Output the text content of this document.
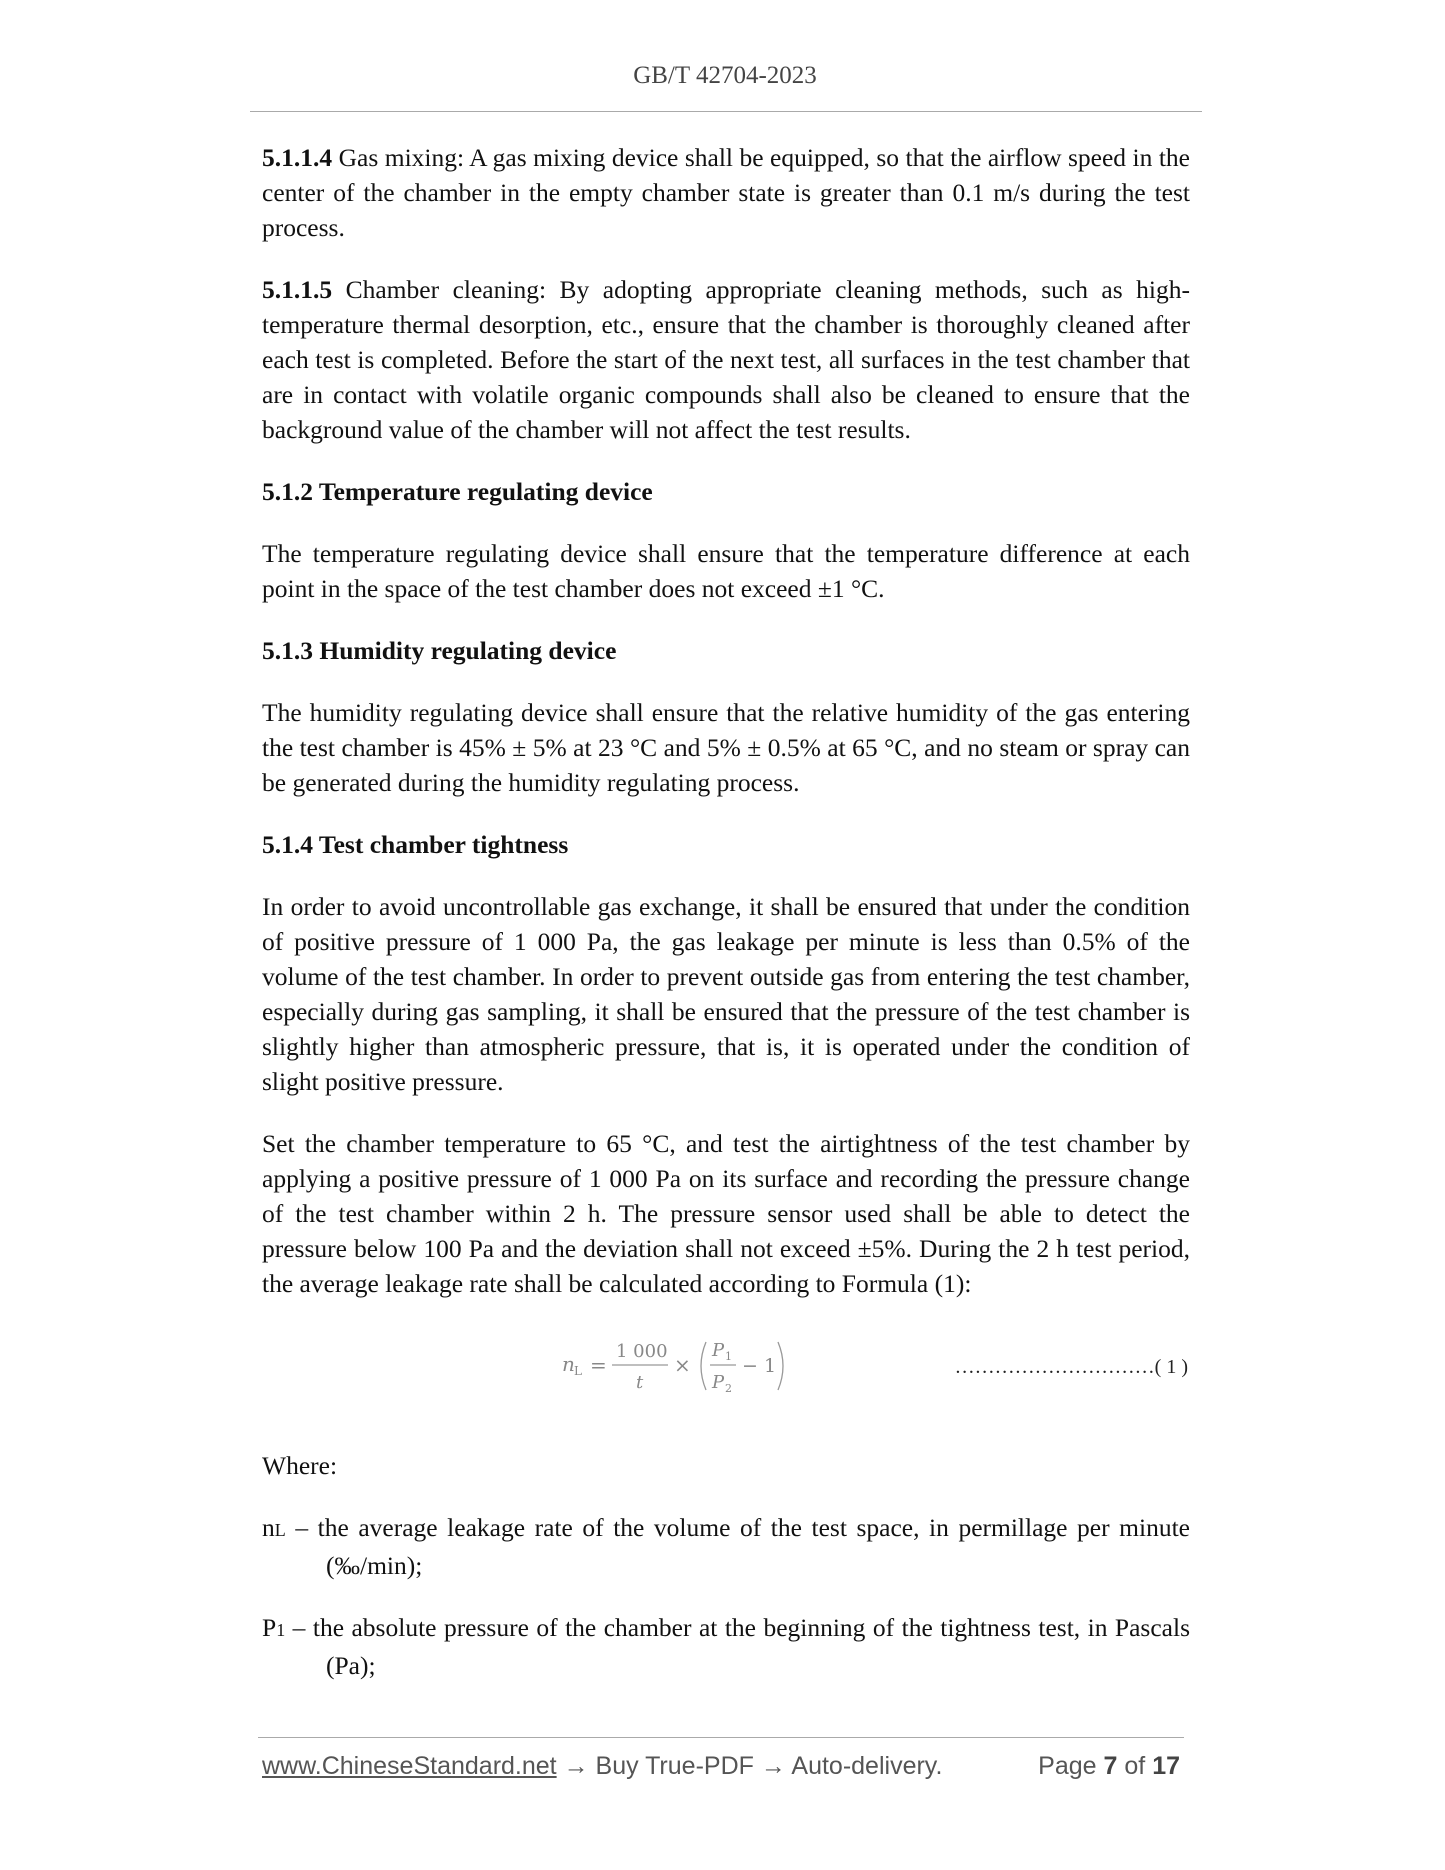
GB/T 42704-2023

5.1.1.4 Gas mixing: A gas mixing device shall be equipped, so that the airflow speed in the center of the chamber in the empty chamber state is greater than 0.1 m/s during the test process.

5.1.1.5 Chamber cleaning: By adopting appropriate cleaning methods, such as high-temperature thermal desorption, etc., ensure that the chamber is thoroughly cleaned after each test is completed. Before the start of the next test, all surfaces in the test chamber that are in contact with volatile organic compounds shall also be cleaned to ensure that the background value of the chamber will not affect the test results.

5.1.2 Temperature regulating device

The temperature regulating device shall ensure that the temperature difference at each point in the space of the test chamber does not exceed ±1 °C.

5.1.3 Humidity regulating device

The humidity regulating device shall ensure that the relative humidity of the gas entering the test chamber is 45% ± 5% at 23 °C and 5% ± 0.5% at 65 °C, and no steam or spray can be generated during the humidity regulating process.

5.1.4 Test chamber tightness

In order to avoid uncontrollable gas exchange, it shall be ensured that under the condition of positive pressure of 1 000 Pa, the gas leakage per minute is less than 0.5% of the volume of the test chamber. In order to prevent outside gas from entering the test chamber, especially during gas sampling, it shall be ensured that the pressure of the test chamber is slightly higher than atmospheric pressure, that is, it is operated under the condition of slight positive pressure.

Set the chamber temperature to 65 °C, and test the airtightness of the test chamber by applying a positive pressure of 1 000 Pa on its surface and recording the pressure change of the test chamber within 2 h. The pressure sensor used shall be able to detect the pressure below 100 Pa and the deviation shall not exceed ±5%. During the 2 h test period, the average leakage rate shall be calculated according to Formula (1):

n L =
1 000
t
×
P 1
P 2
− 1	…………………………( 1 )

Where:

nL – the average leakage rate of the volume of the test space, in permillage per minute (‰/min);

P1 – the absolute pressure of the chamber at the beginning of the tightness test, in Pascals (Pa);

www.ChineseStandard.net → Buy True-PDF → Auto-delivery.	Page 7 of 17
